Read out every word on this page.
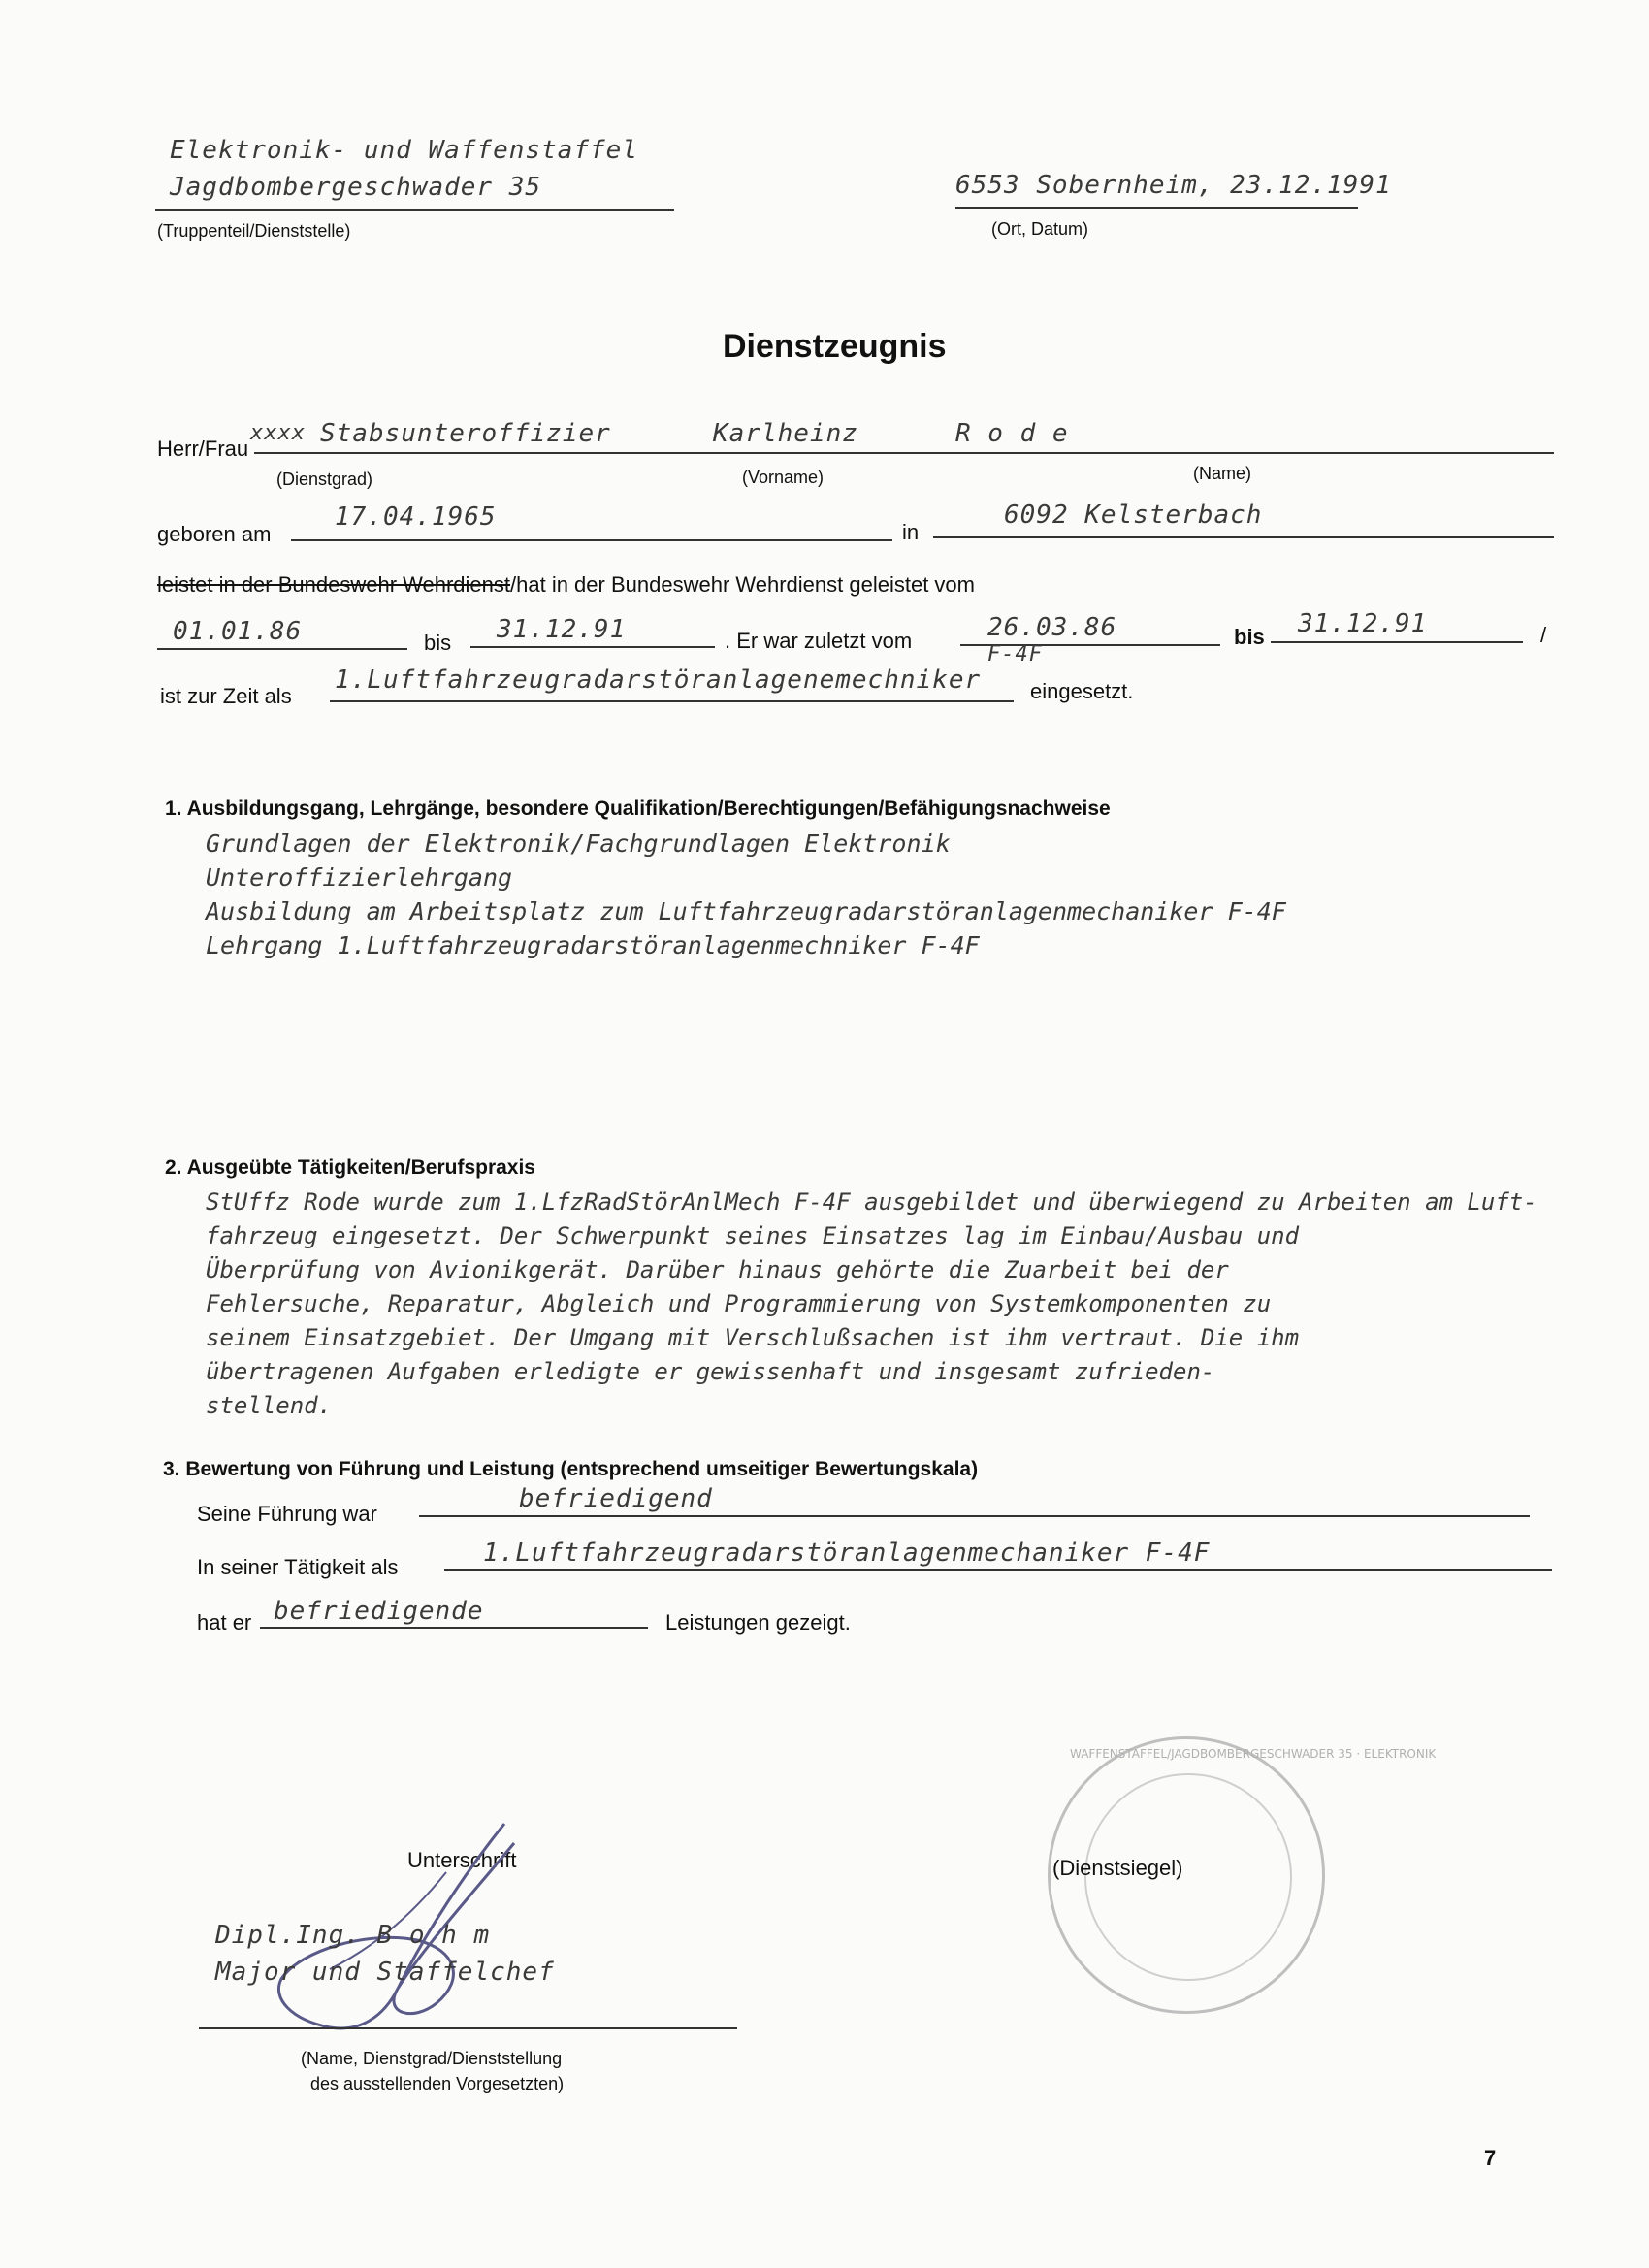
Elektronik- und Waffenstaffel
Jagdbombergeschwader 35
(Truppenteil/Dienststelle)
6553 Sobernheim, 23.12.1991
(Ort, Datum)
Dienstzeugnis
Herr/Frau
xxxx Stabsunteroffizier	Karlheinz	R o d e
(Dienstgrad)	(Vorname)	(Name)
geboren am
17.04.1965
in
6092 Kelsterbach
leistet in der Bundeswehr Wehrdienst/hat in der Bundeswehr Wehrdienst geleistet vom
01.01.86	bis 31.12.91	. Er war zuletzt vom	26.03.86	bis 31.12.91	/
ist zur Zeit als
1.Luftfahrzeugradarstöranlagenemechniker
F-4F
eingesetzt.
1. Ausbildungsgang, Lehrgänge, besondere Qualifikation/Berechtigungen/Befähigungsnachweise
Grundlagen der Elektronik/Fachgrundlagen Elektronik
Unteroffizierlehrgang
Ausbildung am Arbeitsplatz zum Luftfahrzeugradarstöranlagenmechaniker F-4F
Lehrgang 1.Luftfahrzeugradarstöranlagenmechniker F-4F
2. Ausgeübte Tätigkeiten/Berufspraxis
StUffz Rode wurde zum 1.LfzRadStörAnlMech F-4F ausgebildet und überwiegend zu Arbeiten am Luft-
fahrzeug eingesetzt. Der Schwerpunkt seines Einsatzes lag im Einbau/Ausbau und
Überprüfung von Avionikgerät. Darüber hinaus gehörte die Zuarbeit bei der
Fehlersuche, Reparatur, Abgleich und Programmierung von Systemkomponenten zu
seinem Einsatzgebiet. Der Umgang mit Verschlußsachen ist ihm vertraut. Die ihm
übertragenen Aufgaben erledigte er gewissenhaft und insgesamt zufrieden-
stellend.
3. Bewertung von Führung und Leistung (entsprechend umseitiger Bewertungskala)
Seine Führung war
befriedigend
In seiner Tätigkeit als	1.Luftfahrzeugradarstöranlagenmechaniker F-4F
hat er befriedigende	Leistungen gezeigt.
Unterschrift
Dipl.Ing. B o h m
Major und Staffelchef
(Name, Dienstgrad/Dienststellung
des ausstellenden Vorgesetzten)
WAFFENSTAFFEL/JAGDBOMBERGESCHWADER 35 · ELEKTRONIK
(Dienstsiegel)
7
